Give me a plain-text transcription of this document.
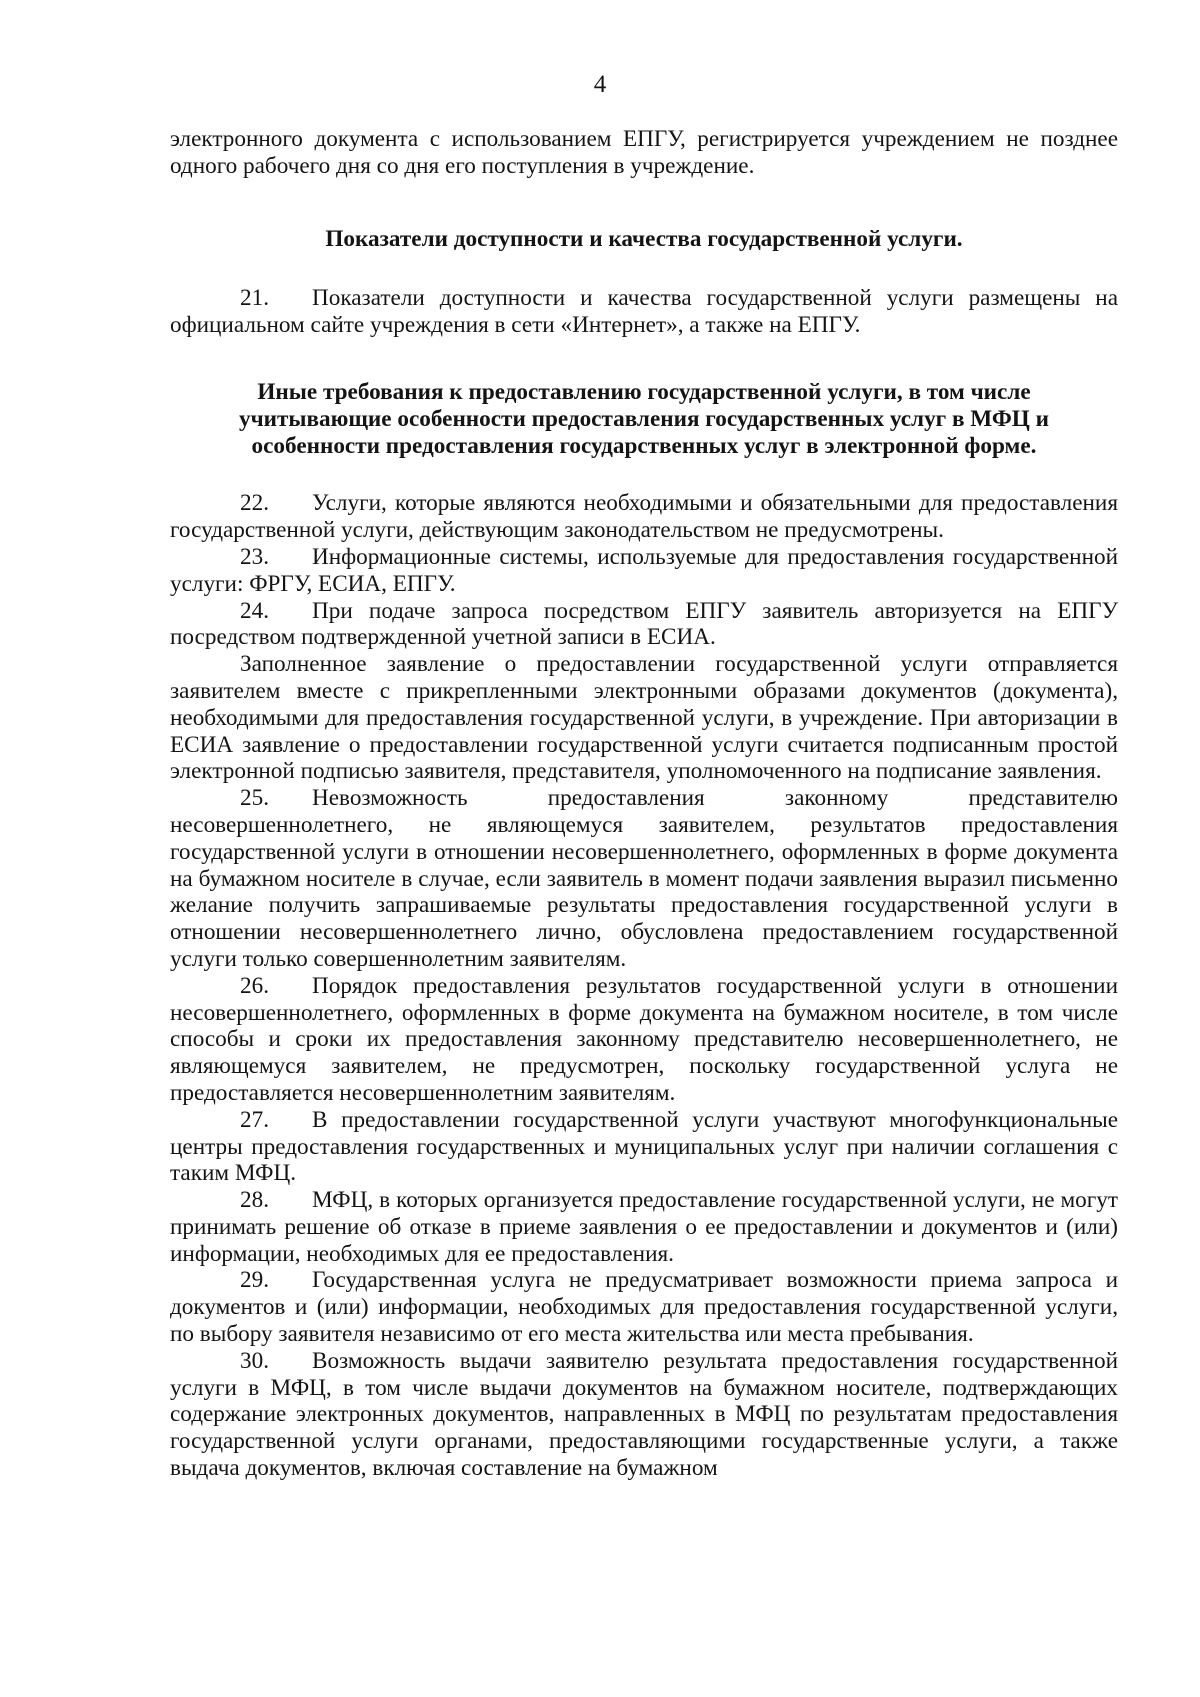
4

электронного документа с использованием ЕПГУ, регистрируется учреждением не позднее одного рабочего дня со дня его поступления в учреждение.

Показатели доступности и качества государственной услуги.

21. Показатели доступности и качества государственной услуги размещены на официальном сайте учреждения в сети «Интернет», а также на ЕПГУ.

Иные требования к предоставлению государственной услуги, в том числе

учитывающие особенности предоставления государственных услуг в МФЦ и

особенности предоставления государственных услуг в электронной форме.

22. Услуги, которые являются необходимыми и обязательными для предоставления государственной услуги, действующим законодательством не предусмотрены.

23. Информационные системы, используемые для предоставления государственной услуги: ФРГУ, ЕСИА, ЕПГУ.

24. При подаче запроса посредством ЕПГУ заявитель авторизуется на ЕПГУ посредством подтвержденной учетной записи в ЕСИА.

Заполненное заявление о предоставлении государственной услуги отправляется заявителем вместе с прикрепленными электронными образами документов (документа), необходимыми для предоставления государственной услуги, в учреждение. При авторизации в ЕСИА заявление о предоставлении государственной услуги считается подписанным простой электронной подписью заявителя, представителя, уполномоченного на подписание заявления.

25. Невозможность предоставления законному представителю несовершеннолетнего, не являющемуся заявителем, результатов предоставления государственной услуги в отношении несовершеннолетнего, оформленных в форме документа на бумажном носителе в случае, если заявитель в момент подачи заявления выразил письменно желание получить запрашиваемые результаты предоставления государственной услуги в отношении несовершеннолетнего лично, обусловлена предоставлением государственной услуги только совершеннолетним заявителям.

26. Порядок предоставления результатов государственной услуги в отношении несовершеннолетнего, оформленных в форме документа на бумажном носителе, в том числе способы и сроки их предоставления законному представителю несовершеннолетнего, не являющемуся заявителем, не предусмотрен, поскольку государственной услуга не предоставляется несовершеннолетним заявителям.

27. В предоставлении государственной услуги участвуют многофункциональные центры предоставления государственных и муниципальных услуг при наличии соглашения с таким МФЦ.

28. МФЦ, в которых организуется предоставление государственной услуги, не могут принимать решение об отказе в приеме заявления о ее предоставлении и документов и (или) информации, необходимых для ее предоставления.

29. Государственная услуга не предусматривает возможности приема запроса и документов и (или) информации, необходимых для предоставления государственной услуги, по выбору заявителя независимо от его места жительства или места пребывания.

30. Возможность выдачи заявителю результата предоставления государственной услуги в МФЦ, в том числе выдачи документов на бумажном носителе, подтверждающих содержание электронных документов, направленных в МФЦ по результатам предоставления государственной услуги органами, предоставляющими государственные услуги, а также выдача документов, включая составление на бумажном
